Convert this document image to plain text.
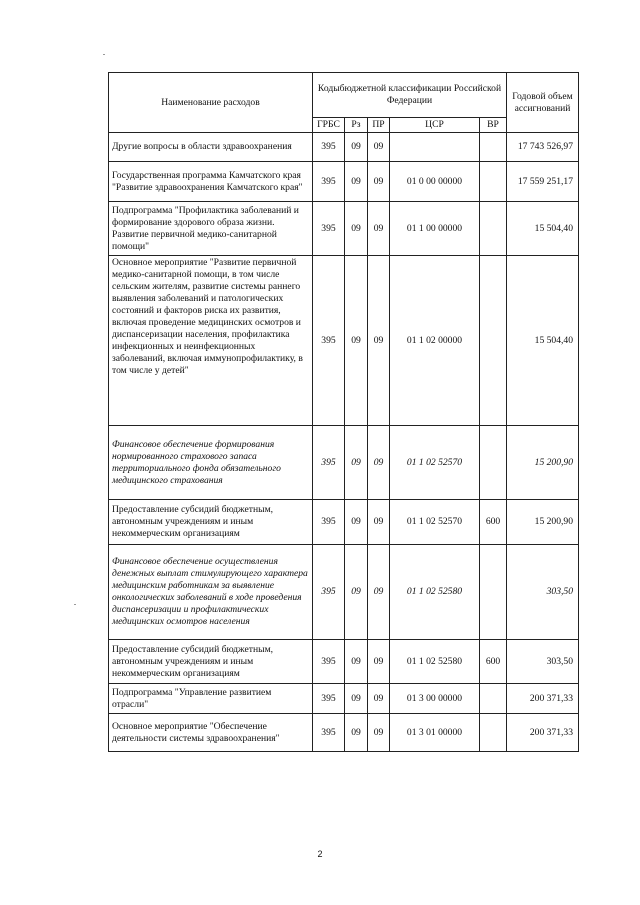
Наименование расходов	Кодыбюджетной классификации Российской Федерации					Годовой объем ассигнований
	ГРБС	Рз	ПР	ЦСР	ВР	
Другие вопросы в области здравоохранения	395	09	09			17 743 526,97
Государственная программа Камчатского края "Развитие здравоохранения Камчатского края"	395	09	09	01 0 00 00000		17 559 251,17
Подпрограмма "Профилактика заболеваний и формирование здорового образа жизни. Развитие первичной медико-санитарной помощи"	395	09	09	01 1 00 00000		15 504,40
Основное мероприятие "Развитие первичной медико-санитарной помощи, в том числе сельским жителям, развитие системы раннего выявления заболеваний и патологических состояний и факторов риска их развития, включая проведение медицинских осмотров и диспансеризации населения, профилактика инфекционных и неинфекционных заболеваний, включая иммунопрофилактику, в том числе у детей"	395	09	09	01 1 02 00000		15 504,40
Финансовое обеспечение формирования нормированного страхового запаса территориального фонда обязательного медицинского страхования	395	09	09	01 1 02 52570		15 200,90
Предоставление субсидий бюджетным, автономным учреждениям и иным некоммерческим организациям	395	09	09	01 1 02 52570	600	15 200,90
Финансовое обеспечение осуществления денежных выплат стимулирующего характера медицинским работникам за выявление онкологических заболеваний в ходе проведения диспансеризации и профилактических медицинских осмотров населения	395	09	09	01 1 02 52580		303,50
Предоставление субсидий бюджетным, автономным учреждениям и иным некоммерческим организациям	395	09	09	01 1 02 52580	600	303,50
Подпрограмма "Управление развитием отрасли"	395	09	09	01 3 00 00000		200 371,33
Основное мероприятие "Обеспечение деятельности системы здравоохранения"	395	09	09	01 3 01 00000		200 371,33
2
